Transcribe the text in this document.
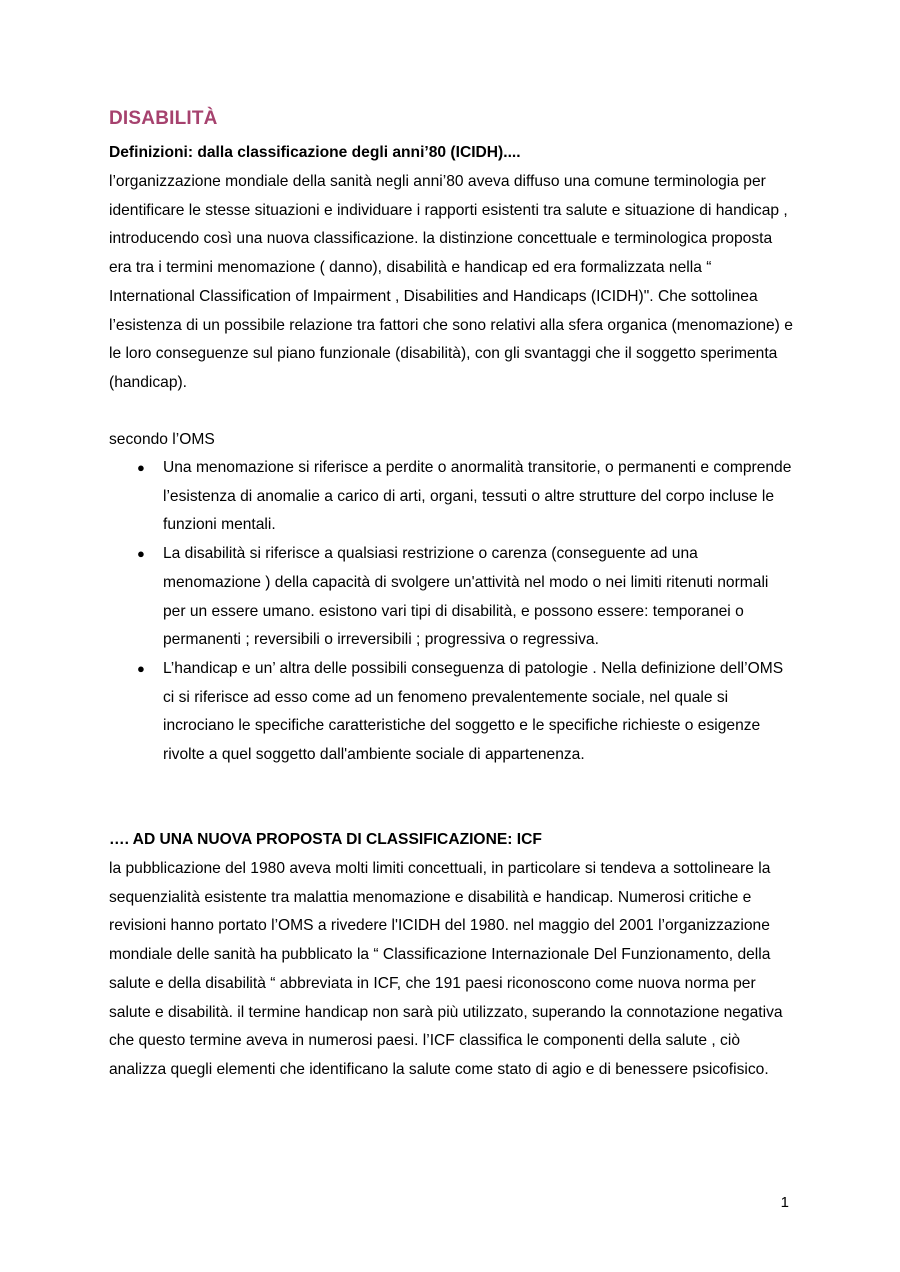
DISABILITÀ

Definizioni: dalla classificazione degli anni’80 (ICIDH)....

l’organizzazione mondiale della sanità negli anni’80 aveva diffuso una comune terminologia per identificare le stesse situazioni e individuare i rapporti esistenti tra salute e situazione di handicap , introducendo così una nuova classificazione. la distinzione concettuale e terminologica proposta era tra i termini menomazione ( danno), disabilità e handicap ed era formalizzata nella “ International Classification of Impairment , Disabilities and Handicaps (ICIDH)". Che sottolinea l’esistenza di un possibile relazione tra fattori che sono relativi alla sfera organica (menomazione) e le loro conseguenze sul piano funzionale (disabilità), con gli svantaggi che il soggetto sperimenta (handicap).

secondo l’OMS

● Una menomazione si riferisce a perdite o anormalità transitorie, o permanenti e comprende l’esistenza di anomalie a carico di arti, organi, tessuti o altre strutture del corpo incluse le funzioni mentali.
● La disabilità si riferisce a qualsiasi restrizione o carenza (conseguente ad una menomazione ) della capacità di svolgere un'attività nel modo o nei limiti ritenuti normali per un essere umano. esistono vari tipi di disabilità, e possono essere: temporanei o permanenti ; reversibili o irreversibili ; progressiva o regressiva.
● L’handicap e un’ altra delle possibili conseguenza di patologie . Nella definizione dell’OMS ci si riferisce ad esso come ad un fenomeno prevalentemente sociale, nel quale si incrociano le specifiche caratteristiche del soggetto e le specifiche richieste o esigenze rivolte a quel soggetto dall'ambiente sociale di appartenenza.

…. AD UNA NUOVA PROPOSTA DI CLASSIFICAZIONE: ICF

la pubblicazione del 1980 aveva molti limiti concettuali, in particolare si tendeva a sottolineare la sequenzialità esistente tra malattia menomazione e disabilità e handicap. Numerosi critiche e revisioni hanno portato l’OMS a rivedere l'ICIDH del 1980. nel maggio del 2001 l’organizzazione mondiale delle sanità ha pubblicato la “ Classificazione Internazionale Del Funzionamento, della salute e della disabilità “ abbreviata in ICF, che 191 paesi riconoscono come nuova norma per salute e disabilità. il termine handicap non sarà più utilizzato, superando la connotazione negativa che questo termine aveva in numerosi paesi. l’ICF classifica le componenti della salute , ciò analizza quegli elementi che identificano la salute come stato di agio e di benessere psicofisico.

1
